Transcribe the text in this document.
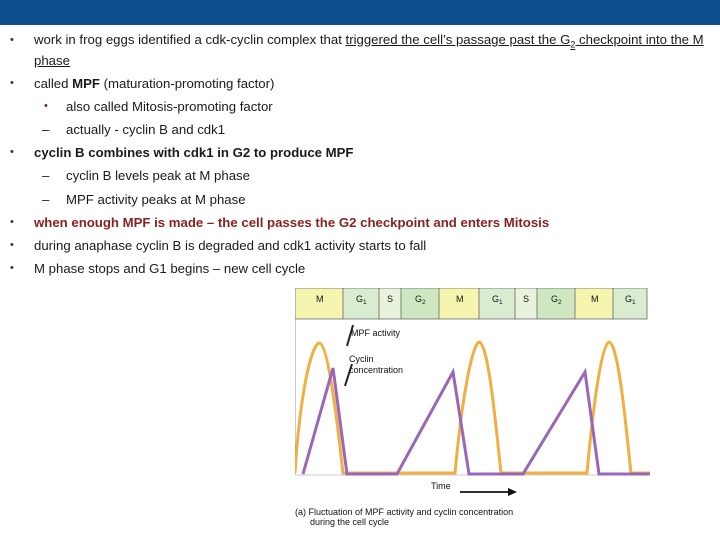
• work in frog eggs identified a cdk-cyclin complex that triggered the cell’s passage past the $G_2$ checkpoint into the M phase
• called MPF (maturation-promoting factor)
• also called Mitosis-promoting factor
– actually - cyclin B and cdk1
• cyclin B combines with cdk1 in G2 to produce MPF
– cyclin B levels peak at M phase
– MPF activity peaks at M phase
• when enough MPF is made – the cell passes the G2 checkpoint and enters Mitosis
• during anaphase cyclin B is degraded and cdk1 activity starts to fall
• M phase stops and G1 begins – new cell cycle
M	$G_1$ S $G_2$	M	$G_1$ S $G_2$	M	$G_1$
MPF activity
Cyclin
concentration
Time
(a) Fluctuation of MPF activity and cyclin concentration
during the cell cycle
